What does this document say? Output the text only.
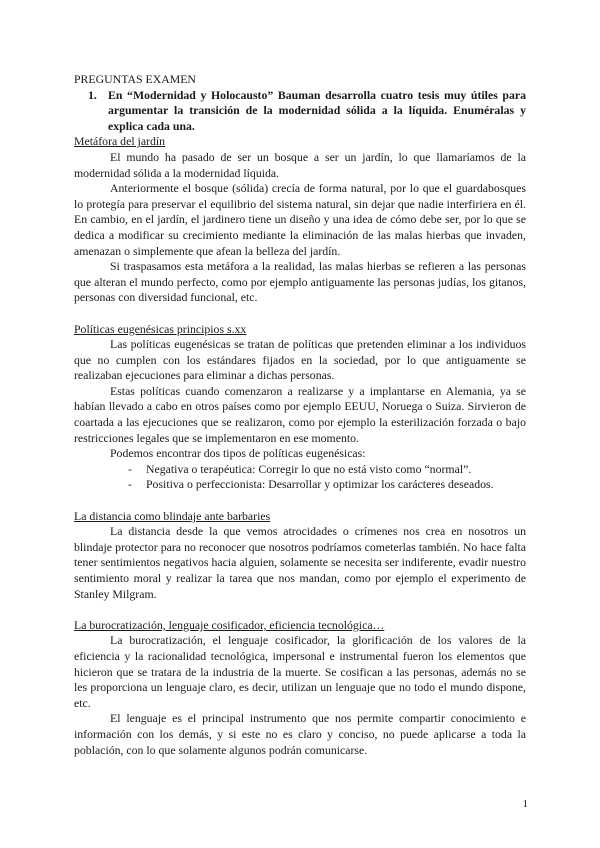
PREGUNTAS EXAMEN
1. En “Modernidad y Holocausto” Bauman desarrolla cuatro tesis muy útiles para argumentar la transición de la modernidad sólida a la líquida. Enuméralas y explica cada una.
Metáfora del jardín

El mundo ha pasado de ser un bosque a ser un jardín, lo que llamaríamos de la modernidad sólida a la modernidad líquida.

Anteriormente el bosque (sólida) crecía de forma natural, por lo que el guardabosques lo protegía para preservar el equilibrio del sistema natural, sin dejar que nadie interfiriera en él. En cambio, en el jardín, el jardinero tiene un diseño y una idea de cómo debe ser, por lo que se dedica a modificar su crecimiento mediante la eliminación de las malas hierbas que invaden, amenazan o simplemente que afean la belleza del jardín.

Si traspasamos esta metáfora a la realidad, las malas hierbas se refieren a las personas que alteran el mundo perfecto, como por ejemplo antiguamente las personas judías, los gitanos, personas con diversidad funcional, etc.

Políticas eugenésicas principios s.xx

Las políticas eugenésicas se tratan de políticas que pretenden eliminar a los individuos que no cumplen con los estándares fijados en la sociedad, por lo que antiguamente se realizaban ejecuciones para eliminar a dichas personas.

Estas políticas cuando comenzaron a realizarse y a implantarse en Alemania, ya se habían llevado a cabo en otros países como por ejemplo EEUU, Noruega o Suiza. Sirvieron de coartada a las ejecuciones que se realizaron, como por ejemplo la esterilización forzada o bajo restricciones legales que se implementaron en ese momento.

Podemos encontrar dos tipos de políticas eugenésicas:

-	Negativa o terapéutica: Corregir lo que no está visto como “normal”.
-	Positiva o perfeccionista: Desarrollar y optimizar los carácteres deseados.
La distancia como blindaje ante barbaries

La distancia desde la que vemos atrocidades o crímenes nos crea en nosotros un blindaje protector para no reconocer que nosotros podríamos cometerlas también. No hace falta tener sentimientos negativos hacia alguien, solamente se necesita ser indiferente, evadir nuestro sentimiento moral y realizar la tarea que nos mandan, como por ejemplo el experimento de Stanley Milgram.

La burocratización, lenguaje cosificador, eficiencia tecnológica…

La burocratización, el lenguaje cosificador, la glorificación de los valores de la eficiencia y la racionalidad tecnológica, impersonal e instrumental fueron los elementos que hicieron que se tratara de la industria de la muerte. Se cosifican a las personas, además no se les proporciona un lenguaje claro, es decir, utilizan un lenguaje que no todo el mundo dispone, etc.

El lenguaje es el principal instrumento que nos permite compartir conocimiento e información con los demás, y si este no es claro y conciso, no puede aplicarse a toda la población, con lo que solamente algunos podrán comunicarse.

1
